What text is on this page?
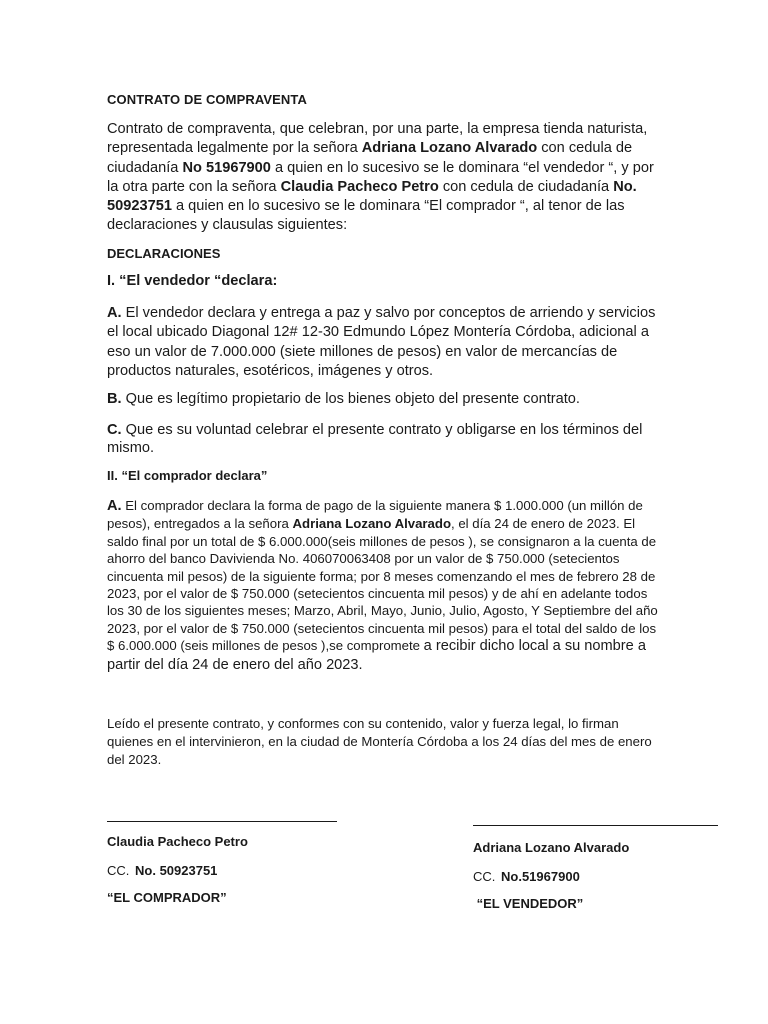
CONTRATO DE COMPRAVENTA

Contrato de compraventa, que celebran, por una parte, la empresa tienda naturista, representada legalmente por la señora Adriana Lozano Alvarado con cedula de ciudadanía No 51967900 a quien en lo sucesivo se le dominara “el vendedor “, y por la otra parte con la señora Claudia Pacheco Petro con cedula de ciudadanía No. 50923751 a quien en lo sucesivo se le dominara “El comprador “, al tenor de las declaraciones y clausulas siguientes:

DECLARACIONES
I. “El vendedor “declara:

A. El vendedor declara y entrega a paz y salvo por conceptos de arriendo y servicios el local ubicado Diagonal 12# 12-30 Edmundo López Montería Córdoba, adicional a eso un valor de 7.000.000 (siete millones de pesos) en valor de mercancías de productos naturales, esotéricos, imágenes y otros.

B. Que es legítimo propietario de los bienes objeto del presente contrato.

C. Que es su voluntad celebrar el presente contrato y obligarse en los términos del mismo.

II. “El comprador declara”

A. El comprador declara la forma de pago de la siguiente manera $ 1.000.000 (un millón de pesos), entregados a la señora Adriana Lozano Alvarado, el día 24 de enero de 2023. El saldo final por un total de $ 6.000.000(seis millones de pesos ), se consignaron a la cuenta de ahorro del banco Davivienda No. 406070063408 por un valor de $ 750.000 (setecientos cincuenta mil pesos) de la siguiente forma; por 8 meses comenzando el mes de febrero 28 de 2023, por el valor de $ 750.000 (setecientos cincuenta mil pesos) y de ahí en adelante todos los 30 de los siguientes meses; Marzo, Abril, Mayo, Junio, Julio, Agosto, Y Septiembre del año 2023, por el valor de $ 750.000 (setecientos cincuenta mil pesos) para el total del saldo de los $ 6.000.000 (seis millones de pesos ),se compromete a recibir dicho local a su nombre a partir del día 24 de enero del año 2023.

Leído el presente contrato, y conformes con su contenido, valor y fuerza legal, lo firman quienes en el intervinieron, en la ciudad de Montería Córdoba a los 24 días del mes de enero del 2023.

Claudia Pacheco Petro
CC. No. 50923751
“EL COMPRADOR”
Adriana Lozano Alvarado
CC. No.51967900
“EL VENDEDOR”
